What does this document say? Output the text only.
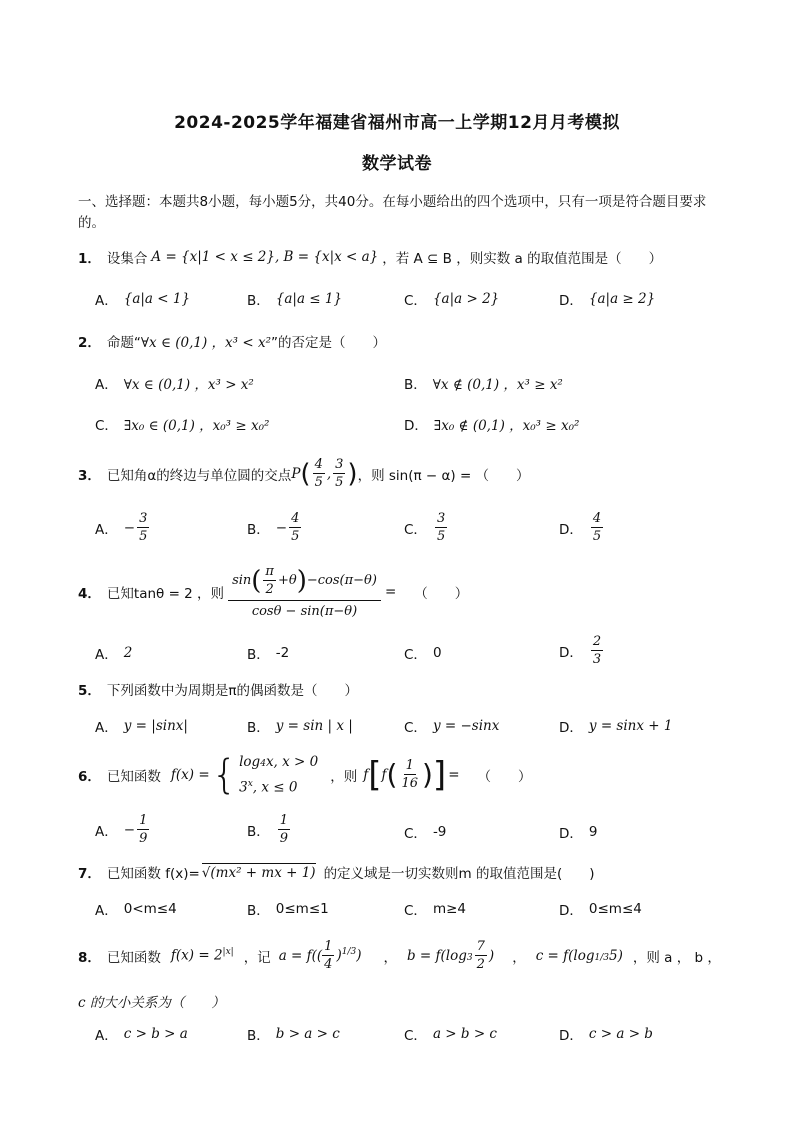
2024-2025学年福建省福州市高一上学期12月月考模拟
数学试卷
一、选择题：本题共8小题，每小题5分，共40分。在每小题给出的四个选项中，只有一项是符合题目要求的。
1． 设集合 A = {x|1 < x ≤ 2}, B = {x|x < a} ，若 A ⊆ B ，则实数 a 的取值范围是（　　）
A． {a|a < 1}	B． {a|a ≤ 1}	C． {a|a > 2}	D． {a|a ≥ 2}
2． 命题“ ∀x ∈ (0,1) ，x³ < x² ”的否定是（　　）
A． ∀x ∈ (0,1) ，x³ > x²	B． ∀x ∉ (0,1) ，x³ ≥ x²
C． ∃x₀ ∈ (0,1) ，x₀³ ≥ x₀²	D． ∃x₀ ∉ (0,1) ，x₀³ ≥ x₀²
3． 已知角α的终边与单位圆的交点 P ( $\frac{4}{5}$ , $\frac{3}{5}$ ) ，则 sin(π − α) = （　　）
A． − $\frac{3}{5}$	B． − $\frac{4}{5}$	C． $\frac{3}{5}$	D． $\frac{4}{5}$
4． 已知tanθ = 2 ，则 $\frac{\sin ( \frac{\pi}{2} +\theta ) -\cos(\pi-\theta)}{\cos\theta - \sin(\pi-\theta)}$ = （　　）
A． 2	B． -2	C． 0	D． $\frac{2}{3}$
5． 下列函数中为周期是π的偶函数是（　　）
A． y = |sinx|	B． y = sin | x |	C． y = −sinx	D． y = sinx + 1
6． 已知函数 f(x) = { log4x, x > 0
3$^x$, x ≤ 0
，则 f [ f ( $\frac{1}{16}$ ) ] = （　　）
A． − $\frac{1}{9}$	B． $\frac{1}{9}$	C． -9	D． 9
7． 已知函数 f(x)= √(mx² + mx + 1) 的定义域是一切实数则m 的取值范围是(　　)
A． 0<m≤4	B． 0≤m≤1	C． m≥4	D． 0≤m≤4
8． 已知函数 $f(x) = 2^{|x|}$ ，记 $a = f(( \frac{1}{4} )^{1/3})$ ， $b = f(\log 3 \frac{7}{2}$ ) ， c = f(log1/35) ，则 a ， b ，
c 的大小关系为（　　）
A． c > b > a	B． b > a > c	C． a > b > c	D． c > a > b
